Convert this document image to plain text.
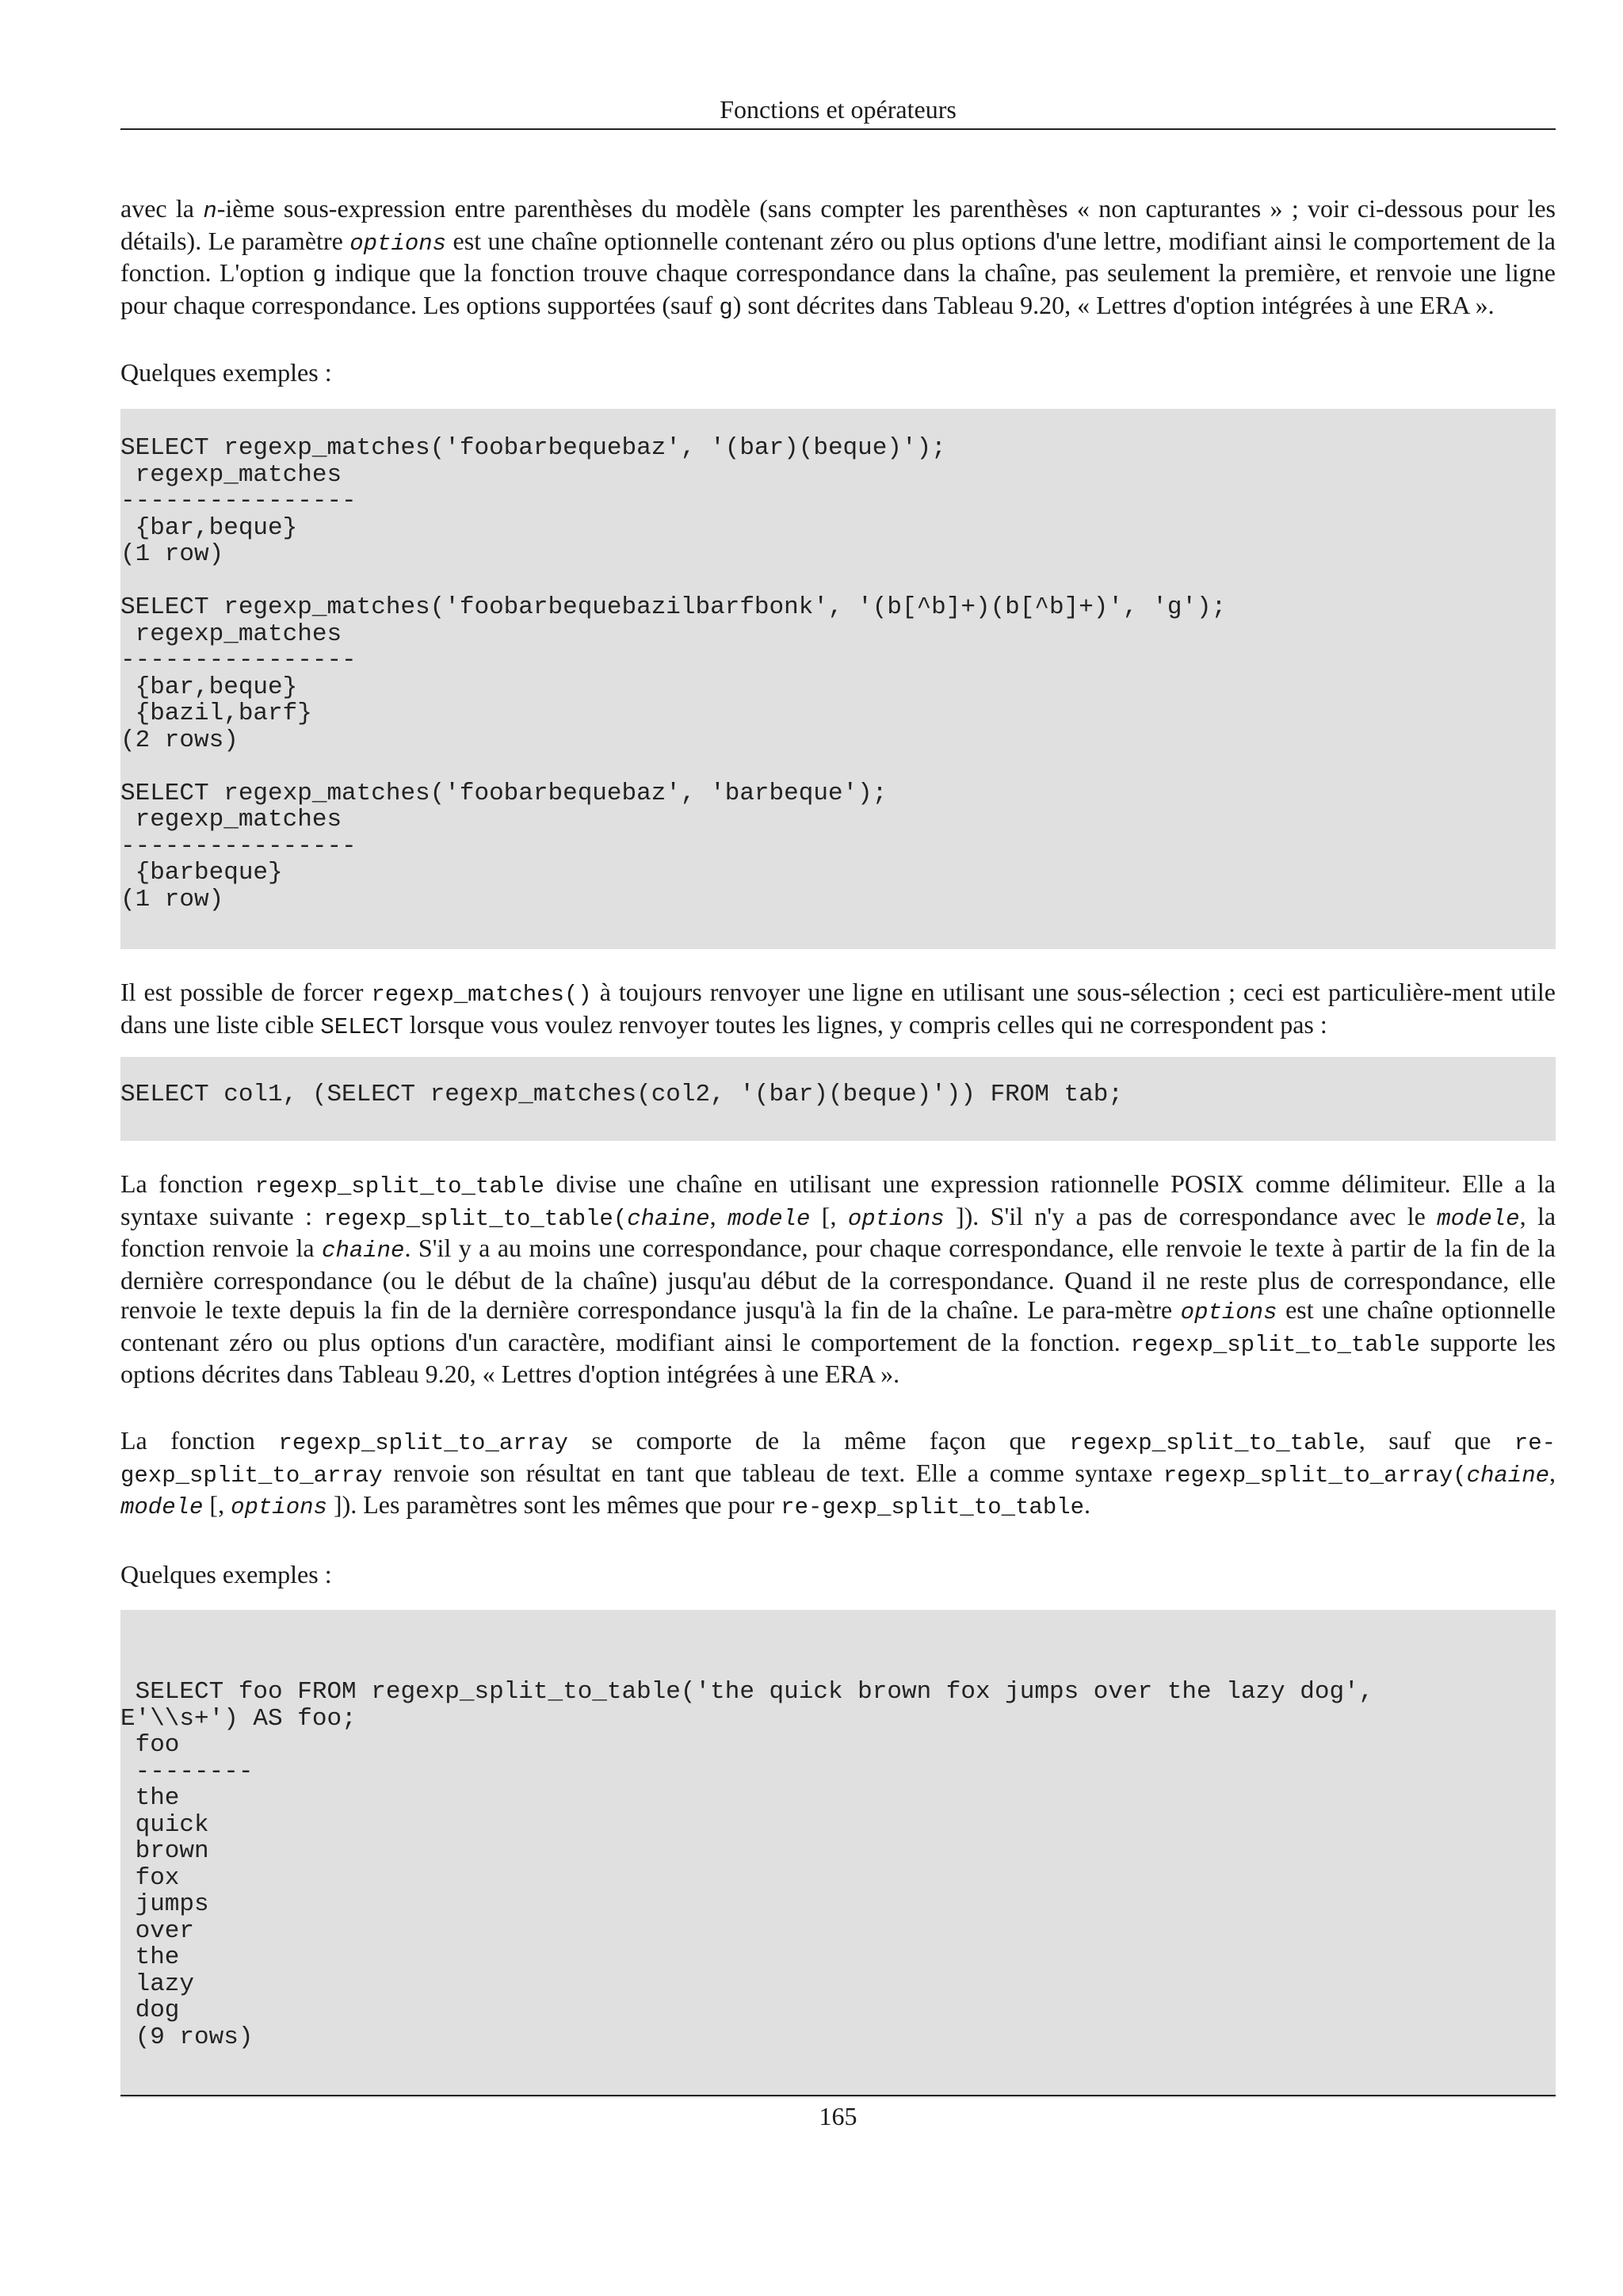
Fonctions et opérateurs

avec la n-ième sous-expression entre parenthèses du modèle (sans compter les parenthèses « non capturantes » ; voir ci-dessous pour les détails). Le paramètre options est une chaîne optionnelle contenant zéro ou plus options d'une lettre, modifiant ainsi le comportement de la fonction. L'option g indique que la fonction trouve chaque correspondance dans la chaîne, pas seulement la première, et renvoie une ligne pour chaque correspondance. Les options supportées (sauf g) sont décrites dans Tableau 9.20, « Lettres d'option intégrées à une ERA ».

Quelques exemples :

SELECT regexp_matches('foobarbequebaz', '(bar)(beque)');
regexp_matches
----------------
{bar,beque}
(1 row)
SELECT regexp_matches('foobarbequebazilbarfbonk', '(b[^b]+)(b[^b]+)', 'g');
regexp_matches
----------------
{bar,beque}
{bazil,barf}
(2 rows)
SELECT regexp_matches('foobarbequebaz', 'barbeque');
regexp_matches
----------------
{barbeque}
(1 row)

Il est possible de forcer regexp_matches() à toujours renvoyer une ligne en utilisant une sous-sélection ; ceci est particulière-ment utile dans une liste cible SELECT lorsque vous voulez renvoyer toutes les lignes, y compris celles qui ne correspondent pas :

SELECT col1, (SELECT regexp_matches(col2, '(bar)(beque)')) FROM tab;

La fonction regexp_split_to_table divise une chaîne en utilisant une expression rationnelle POSIX comme délimiteur. Elle a la syntaxe suivante : regexp_split_to_table(chaine, modele [, options ]). S'il n'y a pas de correspondance avec le modele, la fonction renvoie la chaine. S'il y a au moins une correspondance, pour chaque correspondance, elle renvoie le texte à partir de la fin de la dernière correspondance (ou le début de la chaîne) jusqu'au début de la correspondance. Quand il ne reste plus de correspondance, elle renvoie le texte depuis la fin de la dernière correspondance jusqu'à la fin de la chaîne. Le para-mètre options est une chaîne optionnelle contenant zéro ou plus options d'un caractère, modifiant ainsi le comportement de la fonction. regexp_split_to_table supporte les options décrites dans Tableau 9.20, « Lettres d'option intégrées à une ERA ».

La fonction regexp_split_to_array se comporte de la même façon que regexp_split_to_table, sauf que re-gexp_split_to_array renvoie son résultat en tant que tableau de text. Elle a comme syntaxe regexp_split_to_array(chaine, modele [, options ]). Les paramètres sont les mêmes que pour re-gexp_split_to_table.

Quelques exemples :

SELECT foo FROM regexp_split_to_table('the quick brown fox jumps over the lazy dog',
E'\\s+') AS foo;
foo
--------
the
quick
brown
fox
jumps
over
the
lazy
dog
(9 rows)
165
